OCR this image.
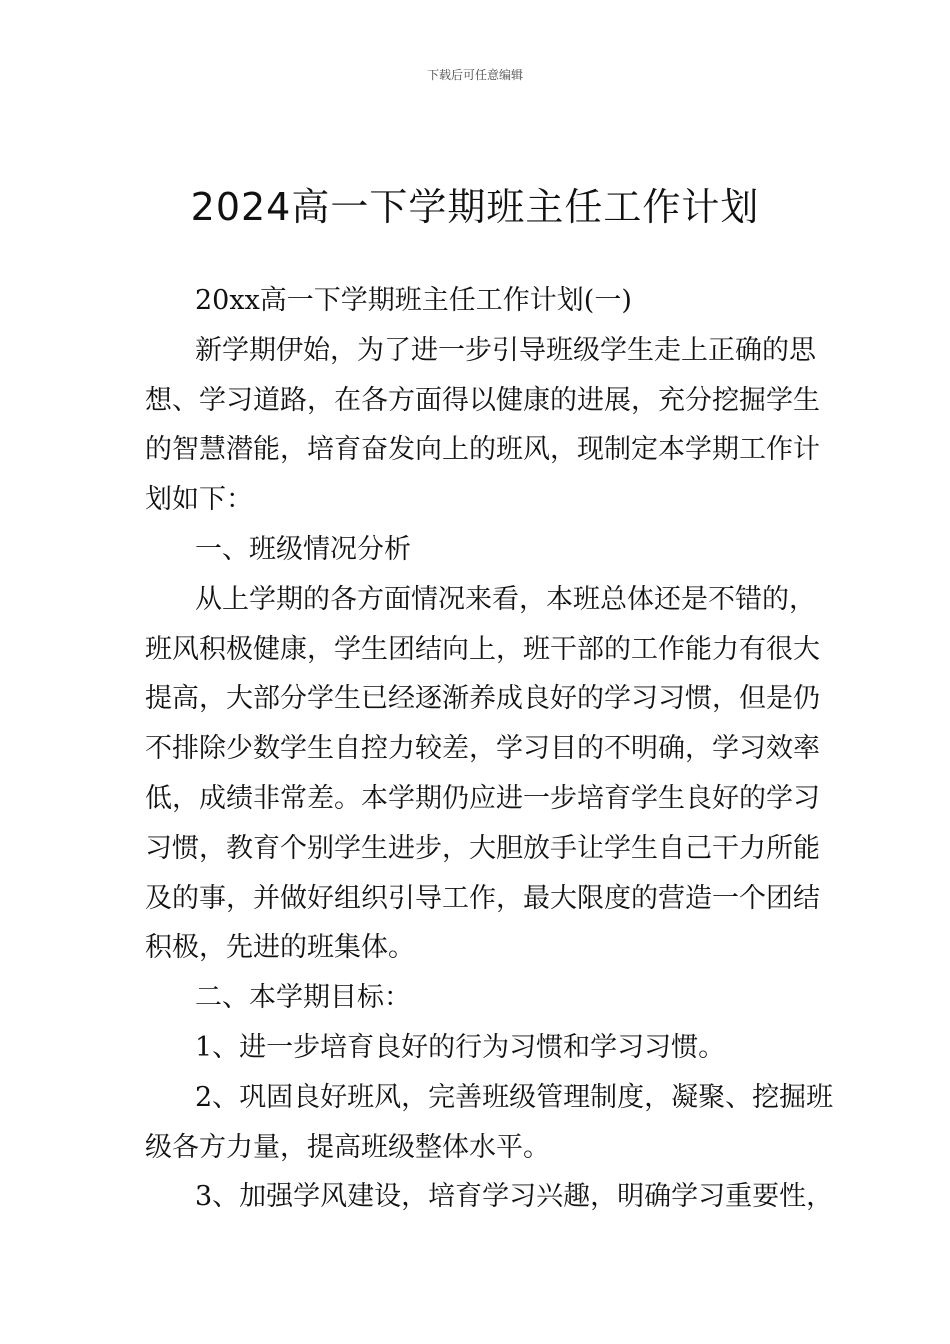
下载后可任意编辑
2024高一下学期班主任工作计划
20xx高一下学期班主任工作计划(一)
新学期伊始，为了进一步引导班级学生走上正确的思
想、学习道路，在各方面得以健康的进展，充分挖掘学生
的智慧潜能，培育奋发向上的班风，现制定本学期工作计
划如下：
一、班级情况分析
从上学期的各方面情况来看，本班总体还是不错的，
班风积极健康，学生团结向上，班干部的工作能力有很大
提高，大部分学生已经逐渐养成良好的学习习惯，但是仍
不排除少数学生自控力较差，学习目的不明确，学习效率
低，成绩非常差。本学期仍应进一步培育学生良好的学习
习惯，教育个别学生进步，大胆放手让学生自己干力所能
及的事，并做好组织引导工作，最大限度的营造一个团结
积极，先进的班集体。
二、本学期目标：
1、进一步培育良好的行为习惯和学习习惯。
2、巩固良好班风，完善班级管理制度，凝聚、挖掘班
级各方力量，提高班级整体水平。
3、加强学风建设，培育学习兴趣，明确学习重要性，
